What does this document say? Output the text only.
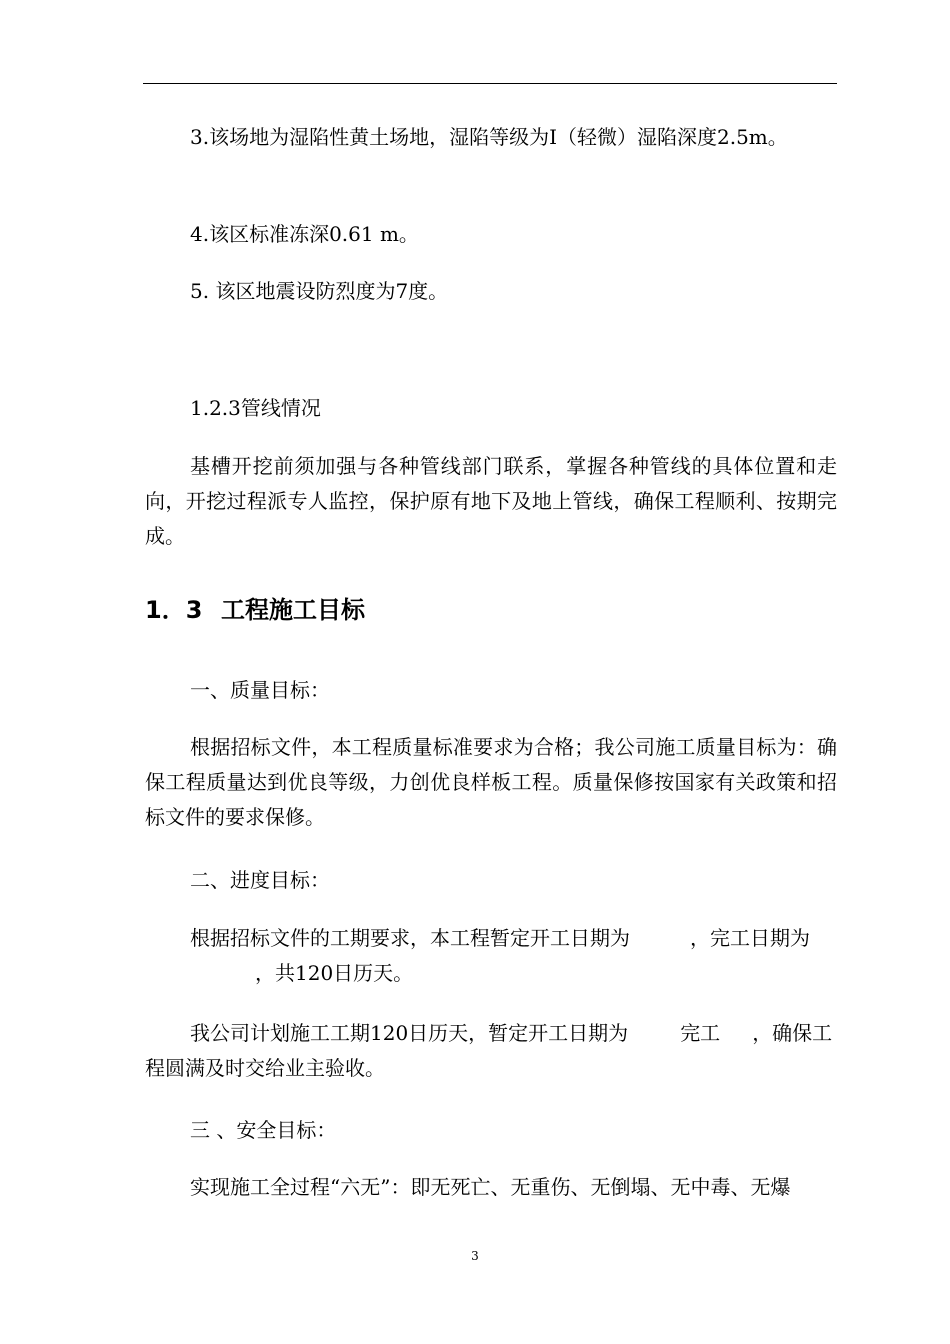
3.该场地为湿陷性黄土场地，湿陷等级为Ⅰ（轻微）湿陷深度2.5m。

4.该区标准冻深0.61 m。

5. 该区地震设防烈度为7度。

1.2.3管线情况

基槽开挖前须加强与各种管线部门联系，掌握各种管线的具体位置和走向，开挖过程派专人监控，保护原有地下及地上管线，确保工程顺利、按期完成。

1．3 工程施工目标

一、质量目标：

根据招标文件，本工程质量标准要求为合格；我公司施工质量目标为：确保工程质量达到优良等级，力创优良样板工程。质量保修按国家有关政策和招标文件的要求保修。

二、进度目标：

根据招标文件的工期要求，本工程暂定开工日期为	，完工日期为，共120日历天。

我公司计划施工工期120日历天，暂定开工日期为	完工 ，确保工程圆满及时交给业主验收。

三 、安全目标：

实现施工全过程“六无”：即无死亡、无重伤、无倒塌、无中毒、无爆

3
